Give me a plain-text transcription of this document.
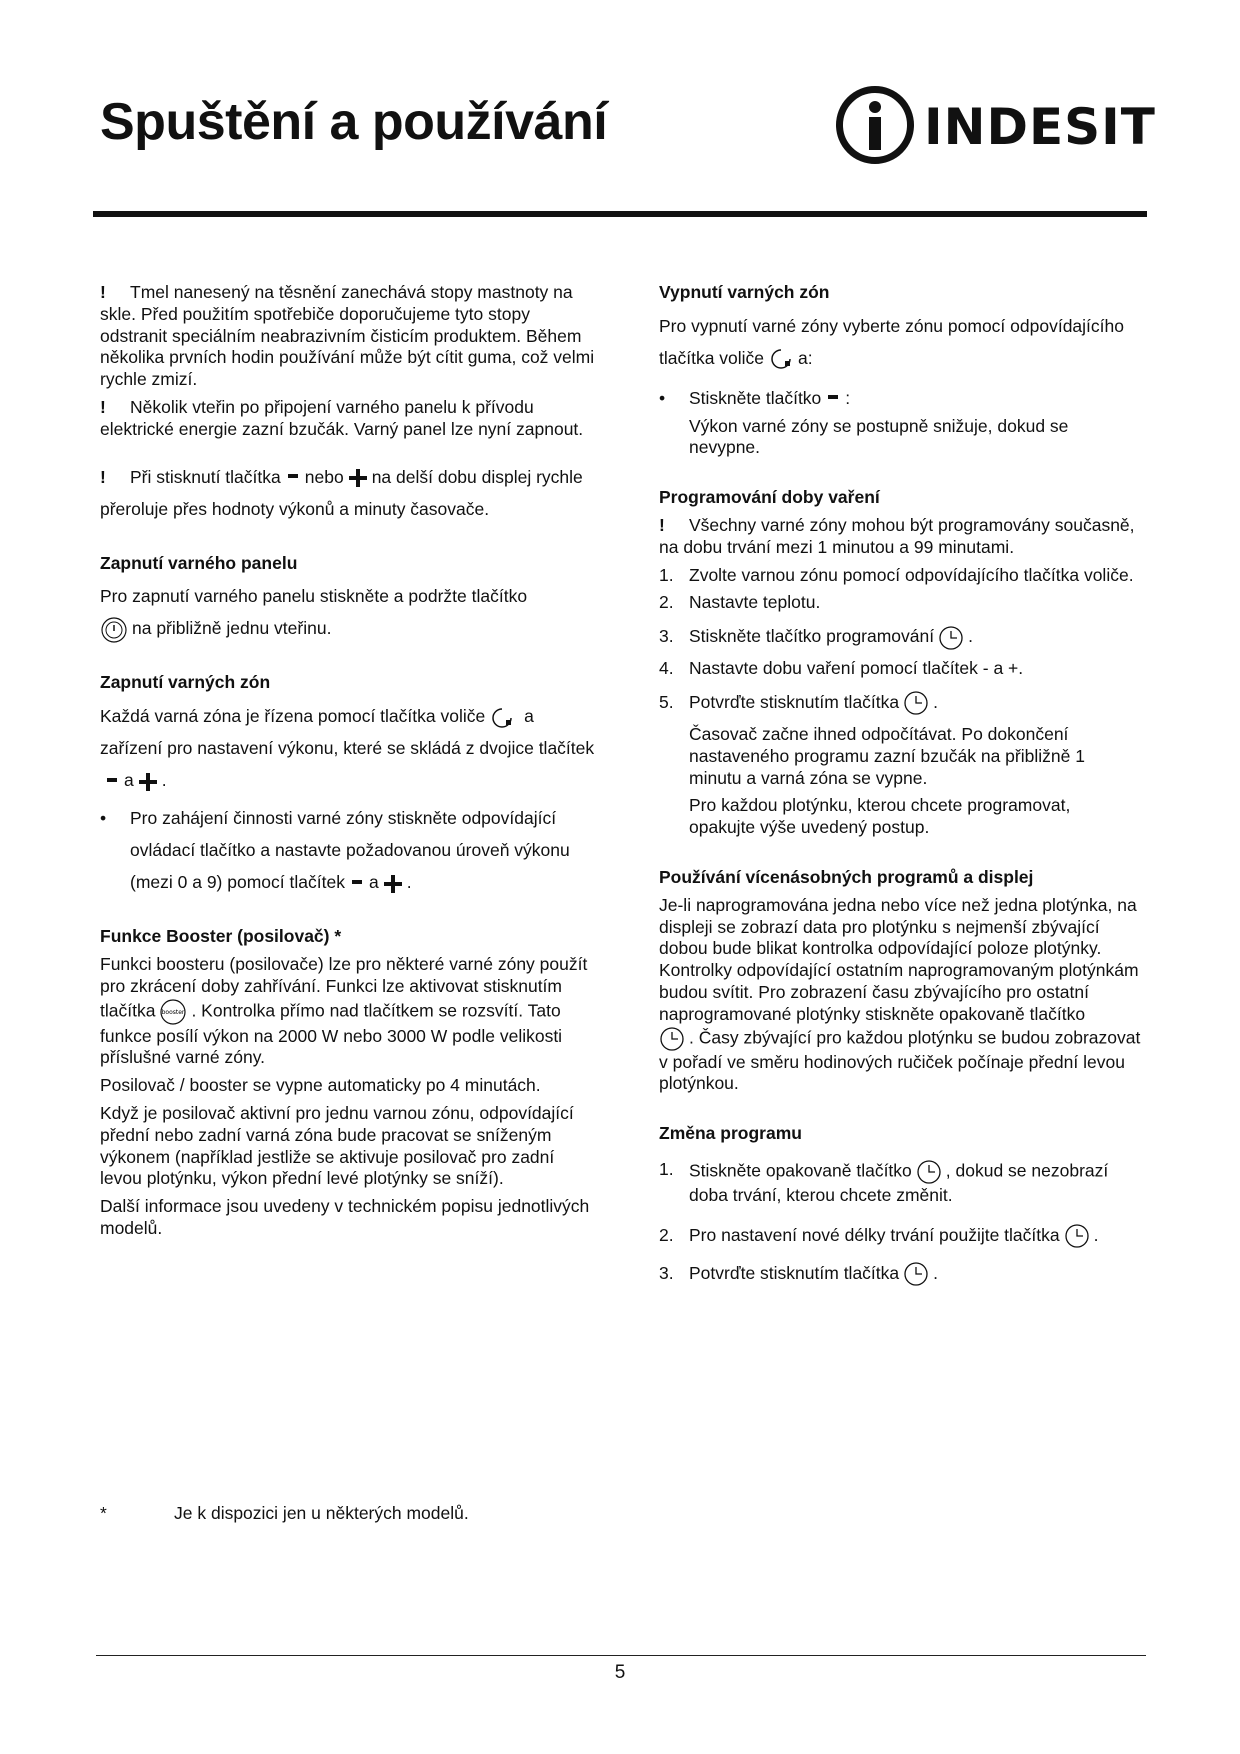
Spuštění a používání	INDESIT

! Tmel nanesený na těsnění zanechává stopy mastnoty na skle. Před použitím spotřebiče doporučujeme tyto stopy odstranit speciálním neabrazivním čisticím produktem. Během několika prvních hodin používání může být cítit guma, což velmi rychle zmizí.

! Několik vteřin po připojení varného panelu k přívodu elektrické energie zazní bzučák. Varný panel lze nyní zapnout.

! Při stisknutí tlačítka nebo na delší dobu displej rychle přeroluje přes hodnoty výkonů a minuty časovače.

Zapnutí varného panelu

Pro zapnutí varného panelu stiskněte a podržte tlačítko

na přibližně jednu vteřinu.

Zapnutí varných zón

Každá varná zóna je řízena pomocí tlačítka voliče a zařízení pro nastavení výkonu, které se skládá z dvojice tlačítek
a .

• Pro zahájení činnosti varné zóny stiskněte odpovídající ovládací tlačítko a nastavte požadovanou úroveň výkonu (mezi 0 a 9) pomocí tlačítek a .
Funkce Booster (posilovač) *

Funkci boosteru (posilovače) lze pro některé varné zóny použít pro zkrácení doby zahřívání. Funkci lze aktivovat stisknutím tlačítka booster . Kontrolka přímo nad tlačítkem se rozsvítí. Tato funkce posílí výkon na 2000 W nebo 3000 W podle velikosti příslušné varné zóny.

Posilovač / booster se vypne automaticky po 4 minutách.

Když je posilovač aktivní pro jednu varnou zónu, odpovídající přední nebo zadní varná zóna bude pracovat se sníženým výkonem (například jestliže se aktivuje posilovač pro zadní levou plotýnku, výkon přední levé plotýnky se sníží).

Další informace jsou uvedeny v technickém popisu jednotlivých modelů.

Vypnutí varných zón

Pro vypnutí varné zóny vyberte zónu pomocí odpovídajícího tlačítka voliče a:

• Stiskněte tlačítko :

Výkon varné zóny se postupně snižuje, dokud se nevypne.

Programování doby vaření

! Všechny varné zóny mohou být programovány současně, na dobu trvání mezi 1 minutou a 99 minutami.

1. Zvolte varnou zónu pomocí odpovídajícího tlačítka voliče.
2. Nastavte teplotu.
3. Stiskněte tlačítko programování .
4. Nastavte dobu vaření pomocí tlačítek - a +.
5. Potvrďte stisknutím tlačítka .

Časovač začne ihned odpočítávat. Po dokončení nastaveného programu zazní bzučák na přibližně 1 minutu a varná zóna se vypne.

Pro každou plotýnku, kterou chcete programovat, opakujte výše uvedený postup.

Používání vícenásobných programů a displej

Je-li naprogramována jedna nebo více než jedna plotýnka, na displeji se zobrazí data pro plotýnku s nejmenší zbývající dobou bude blikat kontrolka odpovídající poloze plotýnky. Kontrolky odpovídající ostatním naprogramovaným plotýnkám budou svítit. Pro zobrazení času zbývajícího pro ostatní naprogramované plotýnky stiskněte opakovaně tlačítko

. Časy zbývající pro každou plotýnku se budou zobrazovat v pořadí ve směru hodinových ručiček počínaje přední levou plotýnkou.

Změna programu
1. Stiskněte opakovaně tlačítko , dokud se nezobrazí doba trvání, kterou chcete změnit.
2. Pro nastavení nové délky trvání použijte tlačítka .
3. Potvrďte stisknutím tlačítka .
*	Je k dispozici jen u některých modelů.
5
